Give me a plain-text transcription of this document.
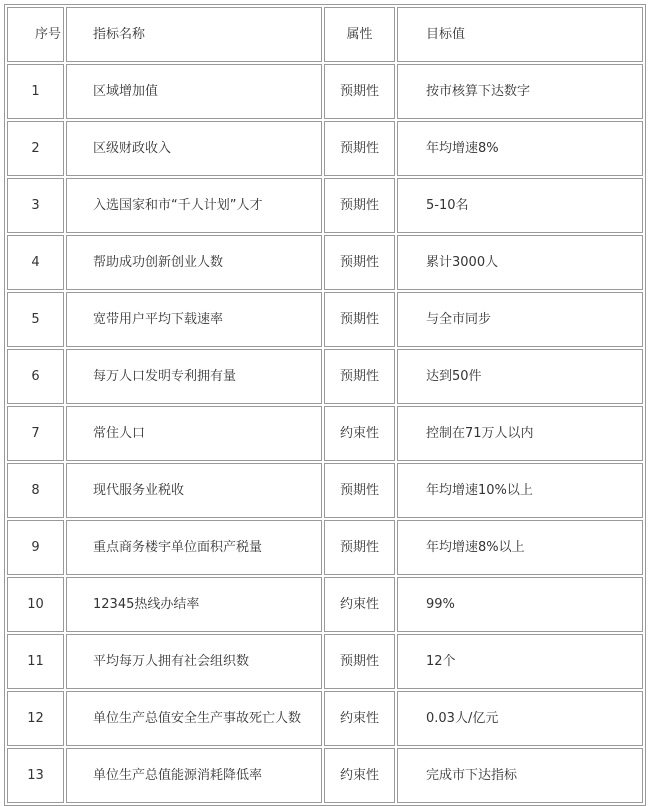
序号	指标名称	属性	目标值
1	区域增加值	预期性	按市核算下达数字
2	区级财政收入	预期性	年均增速8%
3	入选国家和市“千人计划”人才	预期性	5-10名
4	帮助成功创新创业人数	预期性	累计3000人
5	宽带用户平均下载速率	预期性	与全市同步
6	每万人口发明专利拥有量	预期性	达到50件
7	常住人口	约束性	控制在71万人以内
8	现代服务业税收	预期性	年均增速10%以上
9	重点商务楼宇单位面积产税量	预期性	年均增速8%以上
10	12345热线办结率	约束性	99%
11	平均每万人拥有社会组织数	预期性	12个
12	单位生产总值安全生产事故死亡人数	约束性	0.03人/亿元
13	单位生产总值能源消耗降低率	约束性	完成市下达指标
